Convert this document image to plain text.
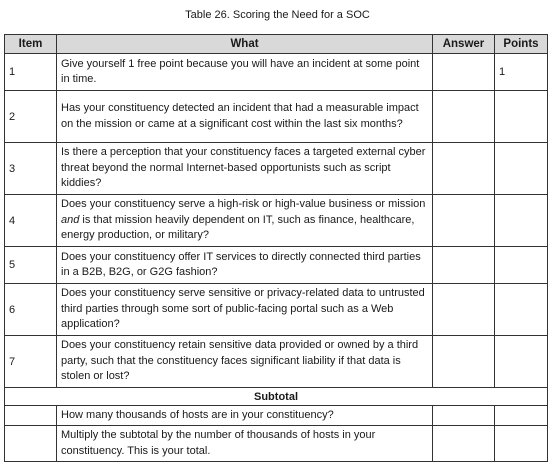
Table 26. Scoring the Need for a SOC
Item	What	Answer	Points
1	Give yourself 1 free point because you will have an incident at some point in time.		1
2	Has your constituency detected an incident that had a measurable impact on the mission or came at a significant cost within the last six months?		
3	Is there a perception that your constituency faces a targeted external cyber threat beyond the normal Internet-based opportunists such as script kiddies?		
4	Does your constituency serve a high-risk or high-value business or mission and is that mission heavily dependent on IT, such as finance, healthcare, energy production, or military?		
5	Does your constituency offer IT services to directly connected third parties in a B2B, B2G, or G2G fashion?		
6	Does your constituency serve sensitive or privacy-related data to untrusted third parties through some sort of public-facing portal such as a Web application?		
7	Does your constituency retain sensitive data provided or owned by a third party, such that the constituency faces significant liability if that data is stolen or lost?		
Subtotal			
	How many thousands of hosts are in your constituency?		
	Multiply the subtotal by the number of thousands of hosts in your constituency. This is your total.		
